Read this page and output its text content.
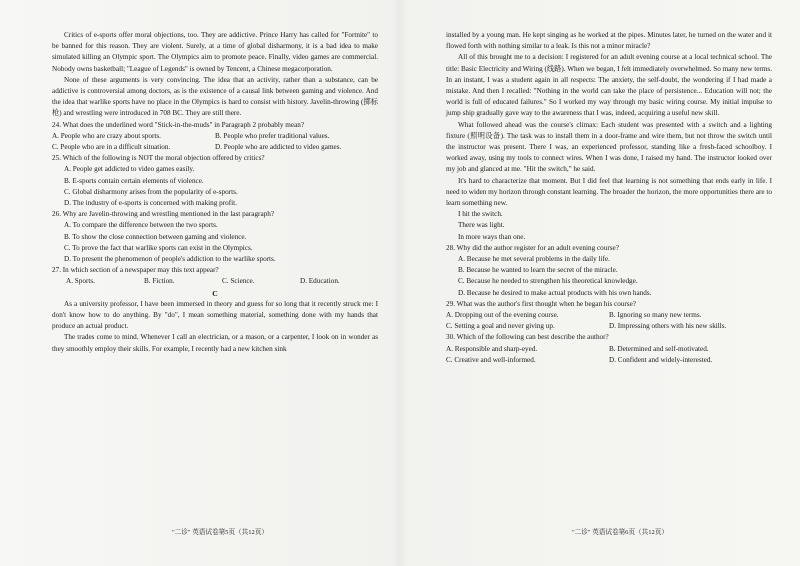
Critics of e-sports offer moral objections, too. They are addictive. Prince Harry has called for "Fortnite" to be banned for this reason. They are violent. Surely, at a time of global disharmony, it is a bad idea to make simulated killing an Olympic sport. The Olympics aim to promote peace. Finally, video games are commercial. Nobody owns basketball; "League of Legends" is owned by Tencent, a Chinese megacorporation.

None of these arguments is very convincing. The idea that an activity, rather than a substance, can be addictive is controversial among doctors, as is the existence of a causal link between gaming and violence. And the idea that warlike sports have no place in the Olympics is hard to consist with history. Javelin-throwing (掷标枪) and wrestling were introduced in 708 BC. They are still there.

24. What does the underlined word "Stick-in-the-muds" in Paragraph 2 probably mean?

A. People who are crazy about sports.	B. People who prefer traditional values.
C. People who are in a difficult situation.	D. People who are addicted to video games.

25. Which of the following is NOT the moral objection offered by critics?

A. People get addicted to video games easily.

B. E-sports contain certain elements of violence.

C. Global disharmony arises from the popularity of e-sports.

D. The industry of e-sports is concerned with making profit.

26. Why are Javelin-throwing and wrestling mentioned in the last paragraph?

A. To compare the difference between the two sports.

B. To show the close connection between gaming and violence.

C. To prove the fact that warlike sports can exist in the Olympics.

D. To present the phenomenon of people's addiction to the warlike sports.

27. In which section of a newspaper may this text appear?

A. Sports.	B. Fiction.	C. Science.	D. Education.

C

As a university professor, I have been immersed in theory and guess for so long that it recently struck me: I don't know how to do anything. By "do", I mean something material, something done with my hands that produce an actual product.

The trades come to mind. Whenever I call an electrician, or a mason, or a carpenter, I look on in wonder as they smoothly employ their skills. For example, I recently had a new kitchen sink

installed by a young man. He kept singing as he worked at the pipes. Minutes later, he turned on the water and it flowed forth with nothing similar to a leak. Is this not a minor miracle?

All of this brought me to a decision: I registered for an adult evening course at a local technical school. The title: Basic Electricity and Wiring (线路). When we began, I felt immediately overwhelmed. So many new terms. In an instant, I was a student again in all respects: The anxiety, the self-doubt, the wondering if I had made a mistake. And then I recalled: "Nothing in the world can take the place of persistence... Education will not; the world is full of educated failures." So I worked my way through my basic wiring course. My initial impulse to jump ship gradually gave way to the awareness that I was, indeed, acquiring a useful new skill.

What followed ahead was the course's climax: Each student was presented with a switch and a lighting fixture (照明设备). The task was to install them in a door-frame and wire them, but not throw the switch until the instructor was present. There I was, an experienced professor, standing like a fresh-faced schoolboy. I worked away, using my tools to connect wires. When I was done, I raised my hand. The instructor looked over my job and glanced at me. "Hit the switch," he said.

It's hard to characterize that moment. But I did feel that learning is not something that ends early in life. I need to widen my horizon through constant learning. The broader the horizon, the more opportunities there are to learn something new.

I hit the switch.

There was light.

In more ways than one.

28. Why did the author register for an adult evening course?

A. Because he met several problems in the daily life.

B. Because he wanted to learn the secret of the miracle.

C. Because he needed to strengthen his theoretical knowledge.

D. Because he desired to make actual products with his own hands.

29. What was the author's first thought when he began his course?

A. Dropping out of the evening course.	B. Ignoring so many new terms.
C. Setting a goal and never giving up.	D. Impressing others with his new skills.

30. Which of the following can best describe the author?

A. Responsible and sharp-eyed.	B. Determined and self-motivated.
C. Creative and well-informed.	D. Confident and widely-interested.
"二诊" 英语试卷第5页（共12页）	"二诊" 英语试卷第6页（共12页）
